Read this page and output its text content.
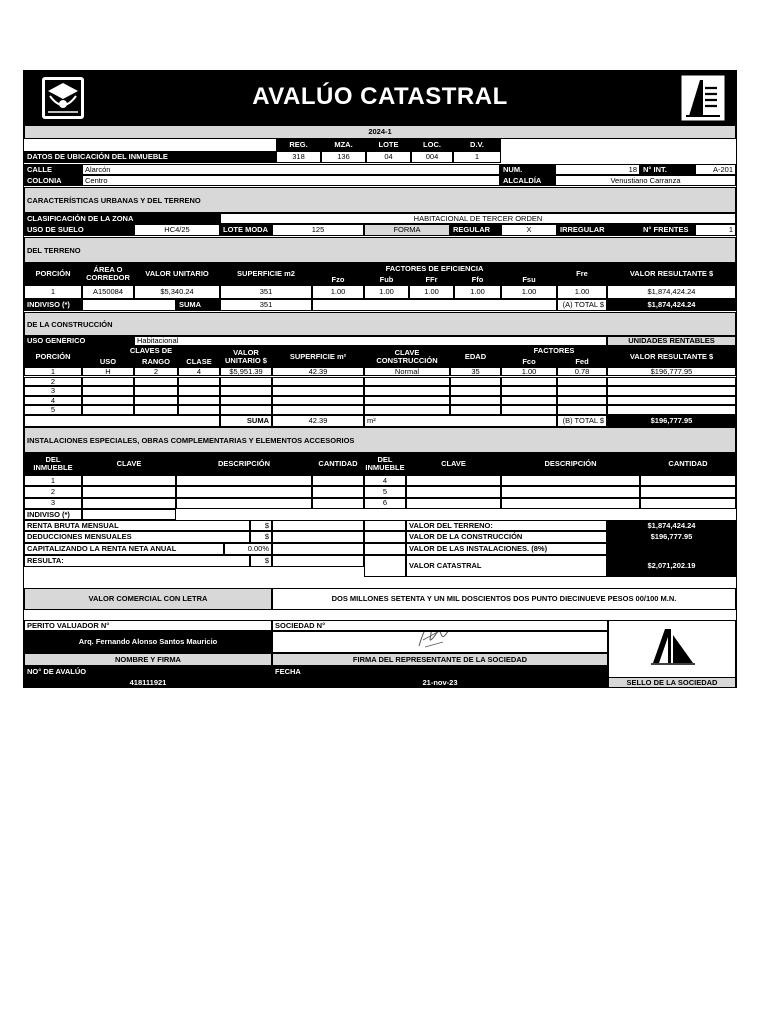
AVALÚO CATASTRAL
2024-1
REG.	MZA.	LOTE	LOC.	D.V.
DATOS DE UBICACIÓN DEL INMUEBLE	318	136	04	004	1
CALLE	Alarcón	NUM.	18 N° INT.	A-201
COLONIA	Centro	ALCALDÍA	Venustiano Carranza
CARACTERÍSTICAS URBANAS Y DEL TERRENO
CLASIFICACIÓN DE LA ZONA	HABITACIONAL DE TERCER ORDEN
USO DE SUELO	HC4/25	LOTE MODA	125	FORMA	REGULAR	X	IRREGULAR	N° FRENTES	1
DEL TERRENO
PORCIÓN	ÁREA O CORREDOR	VALOR UNITARIO	SUPERFICIE m2
FACTORES DE EFICIENCIA
Fzo	Fub	FFr	Ffo	Fsu
Fre	VALOR RESULTANTE $
1	A150084	$5,340.24	351	1.00	1.00	1.00	1.00	1.00	1.00	$1,874,424.24
INDIVISO (*)	SUMA	351	(A) TOTAL $	$1,874,424.24
DE LA CONSTRUCCIÓN
USO GENÉRICO	Habitacional	UNIDADES RENTABLES
PORCIÓN
CLAVES DE
USO	RANGO	CLASE
VALOR UNITARIO $	SUPERFICIE m²	CLAVE CONSTRUCCIÓN	EDAD
FACTORES
Fco	Fed
VALOR RESULTANTE $
1	H	2	4	$5,951.39	42.39	Normal	35	1.00	0.78	$196,777.95
SUMA	42.39	m²	(B) TOTAL $	$196,777.95
INSTALACIONES ESPECIALES, OBRAS COMPLEMENTARIAS Y ELEMENTOS ACCESORIOS
DEL INMUEBLE	CLAVE	DESCRIPCIÓN	CANTIDAD	DEL INMUEBLE	CLAVE	DESCRIPCIÓN	CANTIDAD
INDIVISO (*)
RENTA BRUTA MENSUAL	$	VALOR DEL TERRENO:	$1,874,424.24
DEDUCCIONES MENSUALES	$	VALOR DE LA CONSTRUCCIÓN	$196,777.95
CAPITALIZANDO LA RENTA NETA ANUAL	0.00%	VALOR DE LAS INSTALACIONES. (8%)
RESULTA:	$
VALOR CATASTRAL	$2,071,202.19
VALOR COMERCIAL CON LETRA	DOS MILLONES SETENTA Y UN MIL DOSCIENTOS DOS PUNTO DIECINUEVE PESOS 00/100 M.N.
PERITO VALUADOR N°	SOCIEDAD N°
Arq. Fernando Alonso Santos Mauricio
NOMBRE Y FIRMA	FIRMA DEL REPRESENTANTE DE LA SOCIEDAD
NO° DE AVALÚO	FECHA
418111921	21-nov-23	SELLO DE LA SOCIEDAD
2
3
4
5
1	4
2	5
3	6
